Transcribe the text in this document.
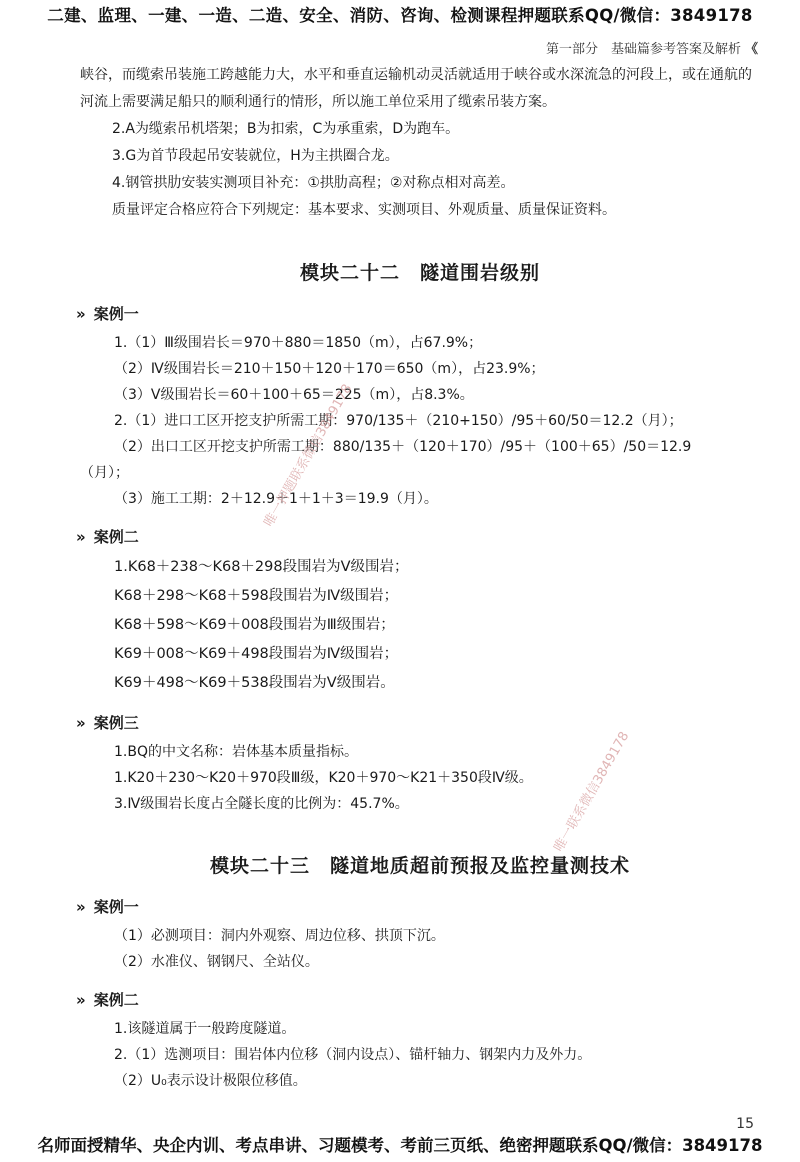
二建、监理、一建、一造、二造、安全、消防、咨询、检测课程押题联系QQ/微信：3849178
第一部分　基础篇参考答案及解析 《

峡谷，而缆索吊装施工跨越能力大，水平和垂直运输机动灵活就适用于峡谷或水深流急的河段上，或在通航的河流上需要满足船只的顺利通行的情形，所以施工单位采用了缆索吊装方案。

2.A为缆索吊机塔架；B为扣索，C为承重索，D为跑车。

3.G为首节段起吊安装就位，H为主拱圈合龙。

4.钢管拱肋安装实测项目补充：①拱肋高程；②对称点相对高差。

质量评定合格应符合下列规定：基本要求、实测项目、外观质量、质量保证资料。

模块二十二　隧道围岩级别
» 案例一

1.（1）Ⅲ级围岩长＝970＋880＝1850（m），占67.9%；

（2）Ⅳ级围岩长＝210＋150＋120＋170＝650（m），占23.9%；

（3）Ⅴ级围岩长＝60＋100＋65＝225（m），占8.3%。

2.（1）进口工区开挖支护所需工期：970/135＋（210+150）/95＋60/50＝12.2（月）；

（2）出口工区开挖支护所需工期：880/135＋（120＋170）/95＋（100＋65）/50＝12.9

（月）；

（3）施工工期：2＋12.9＋1＋1＋3＝19.9（月）。

» 案例二

1.K68＋238～K68＋298段围岩为Ⅴ级围岩；

K68＋298～K68＋598段围岩为Ⅳ级围岩；

K68＋598～K69＋008段围岩为Ⅲ级围岩；

K69＋008～K69＋498段围岩为Ⅳ级围岩；

K69＋498～K69＋538段围岩为Ⅴ级围岩。

» 案例三

1.BQ的中文名称：岩体基本质量指标。

1.K20＋230～K20＋970段Ⅲ级，K20＋970～K21＋350段Ⅳ级。

3.Ⅳ级围岩长度占全隧长度的比例为：45.7%。

模块二十三　隧道地质超前预报及监控量测技术
» 案例一

（1）必测项目：洞内外观察、周边位移、拱顶下沉。

（2）水准仪、钢钢尺、全站仪。

» 案例二

1.该隧道属于一般跨度隧道。

2.（1）选测项目：围岩体内位移（洞内设点）、锚杆轴力、钢架内力及外力。

（2）U₀表示设计极限位移值。

唯一押题联系微信3849178
唯一联系微信3849178
15
名师面授精华、央企内训、考点串讲、习题模考、考前三页纸、绝密押题联系QQ/微信：3849178
